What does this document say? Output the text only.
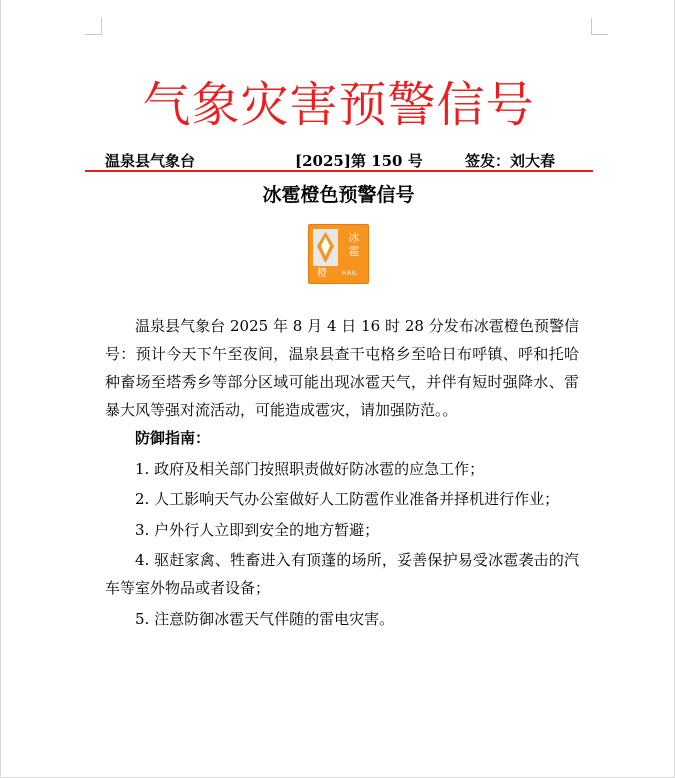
气象灾害预警信号
温泉县气象台	[2025]第 150 号	签发：刘大春
冰雹橙色预警信号
冰雹
橙	HAIL

温泉县气象台 2025 年 8 月 4 日 16 时 28 分发布冰雹橙色预警信号：预计今天下午至夜间，温泉县查干屯格乡至哈日布呼镇、呼和托哈种畜场至塔秀乡等部分区域可能出现冰雹天气，并伴有短时强降水、雷暴大风等强对流活动，可能造成雹灾，请加强防范。。

防御指南：

1. 政府及相关部门按照职责做好防冰雹的应急工作；

2. 人工影响天气办公室做好人工防雹作业准备并择机进行作业；

3. 户外行人立即到安全的地方暂避；

4. 驱赶家禽、牲畜进入有顶蓬的场所，妥善保护易受冰雹袭击的汽车等室外物品或者设备；

5. 注意防御冰雹天气伴随的雷电灾害。
